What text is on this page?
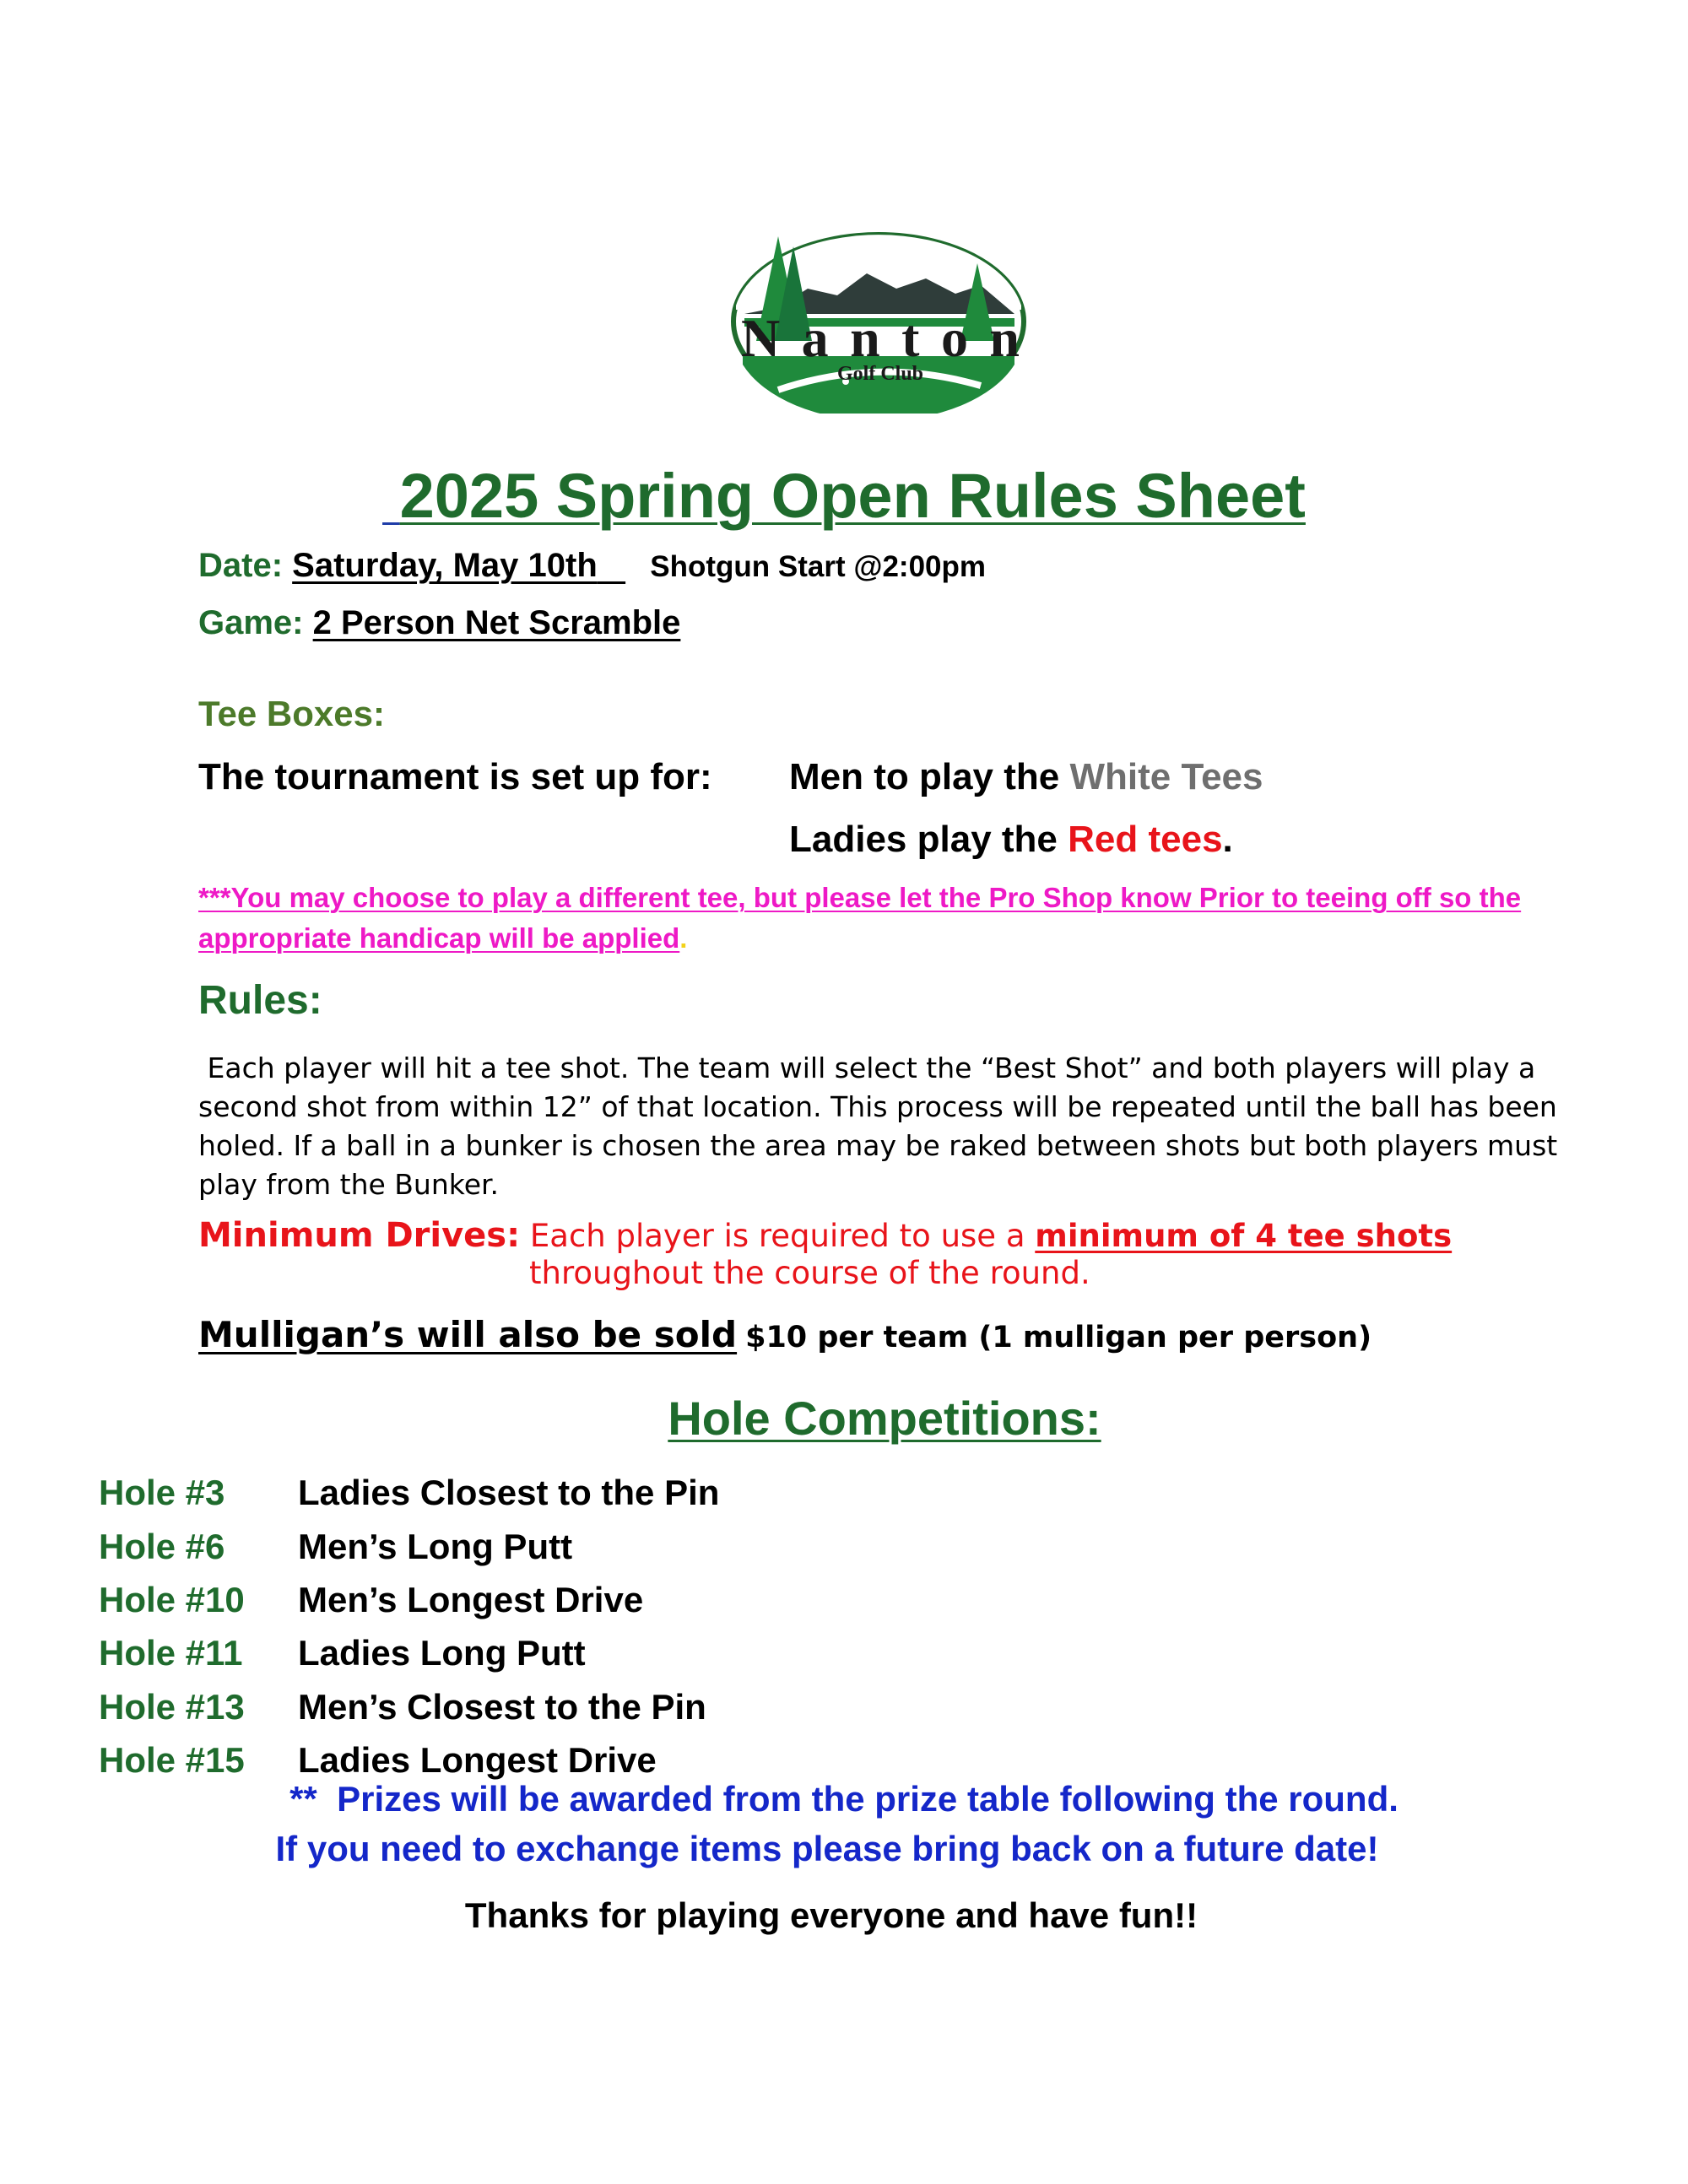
Nanton
Golf Club
2025 Spring Open Rules Sheet
Date: Saturday, May 10th Shotgun Start @2:00pm
Game: 2 Person Net Scramble
Tee Boxes:
The tournament is set up for: Men to play the White Tees
Ladies play the Red tees.
***You may choose to play a different tee, but please let the Pro Shop know Prior to teeing off so the appropriate handicap will be applied.
Rules:
Each player will hit a tee shot. The team will select the “Best Shot” and both players will play a second shot from within 12” of that location. This process will be repeated until the ball has been holed. If a ball in a bunker is chosen the area may be raked between shots but both players must play from the Bunker.
Minimum Drives: Each player is required to use a minimum of 4 tee shots
throughout the course of the round.
Mulligan’s will also be sold $10 per team (1 mulligan per person)
Hole Competitions:
Hole #3 Ladies Closest to the Pin
Hole #6 Men’s Long Putt
Hole #10 Men’s Longest Drive
Hole #11 Ladies Long Putt
Hole #13 Men’s Closest to the Pin
Hole #15 Ladies Longest Drive
**  Prizes will be awarded from the prize table following the round.
If you need to exchange items please bring back on a future date!
Thanks for playing everyone and have fun!!
